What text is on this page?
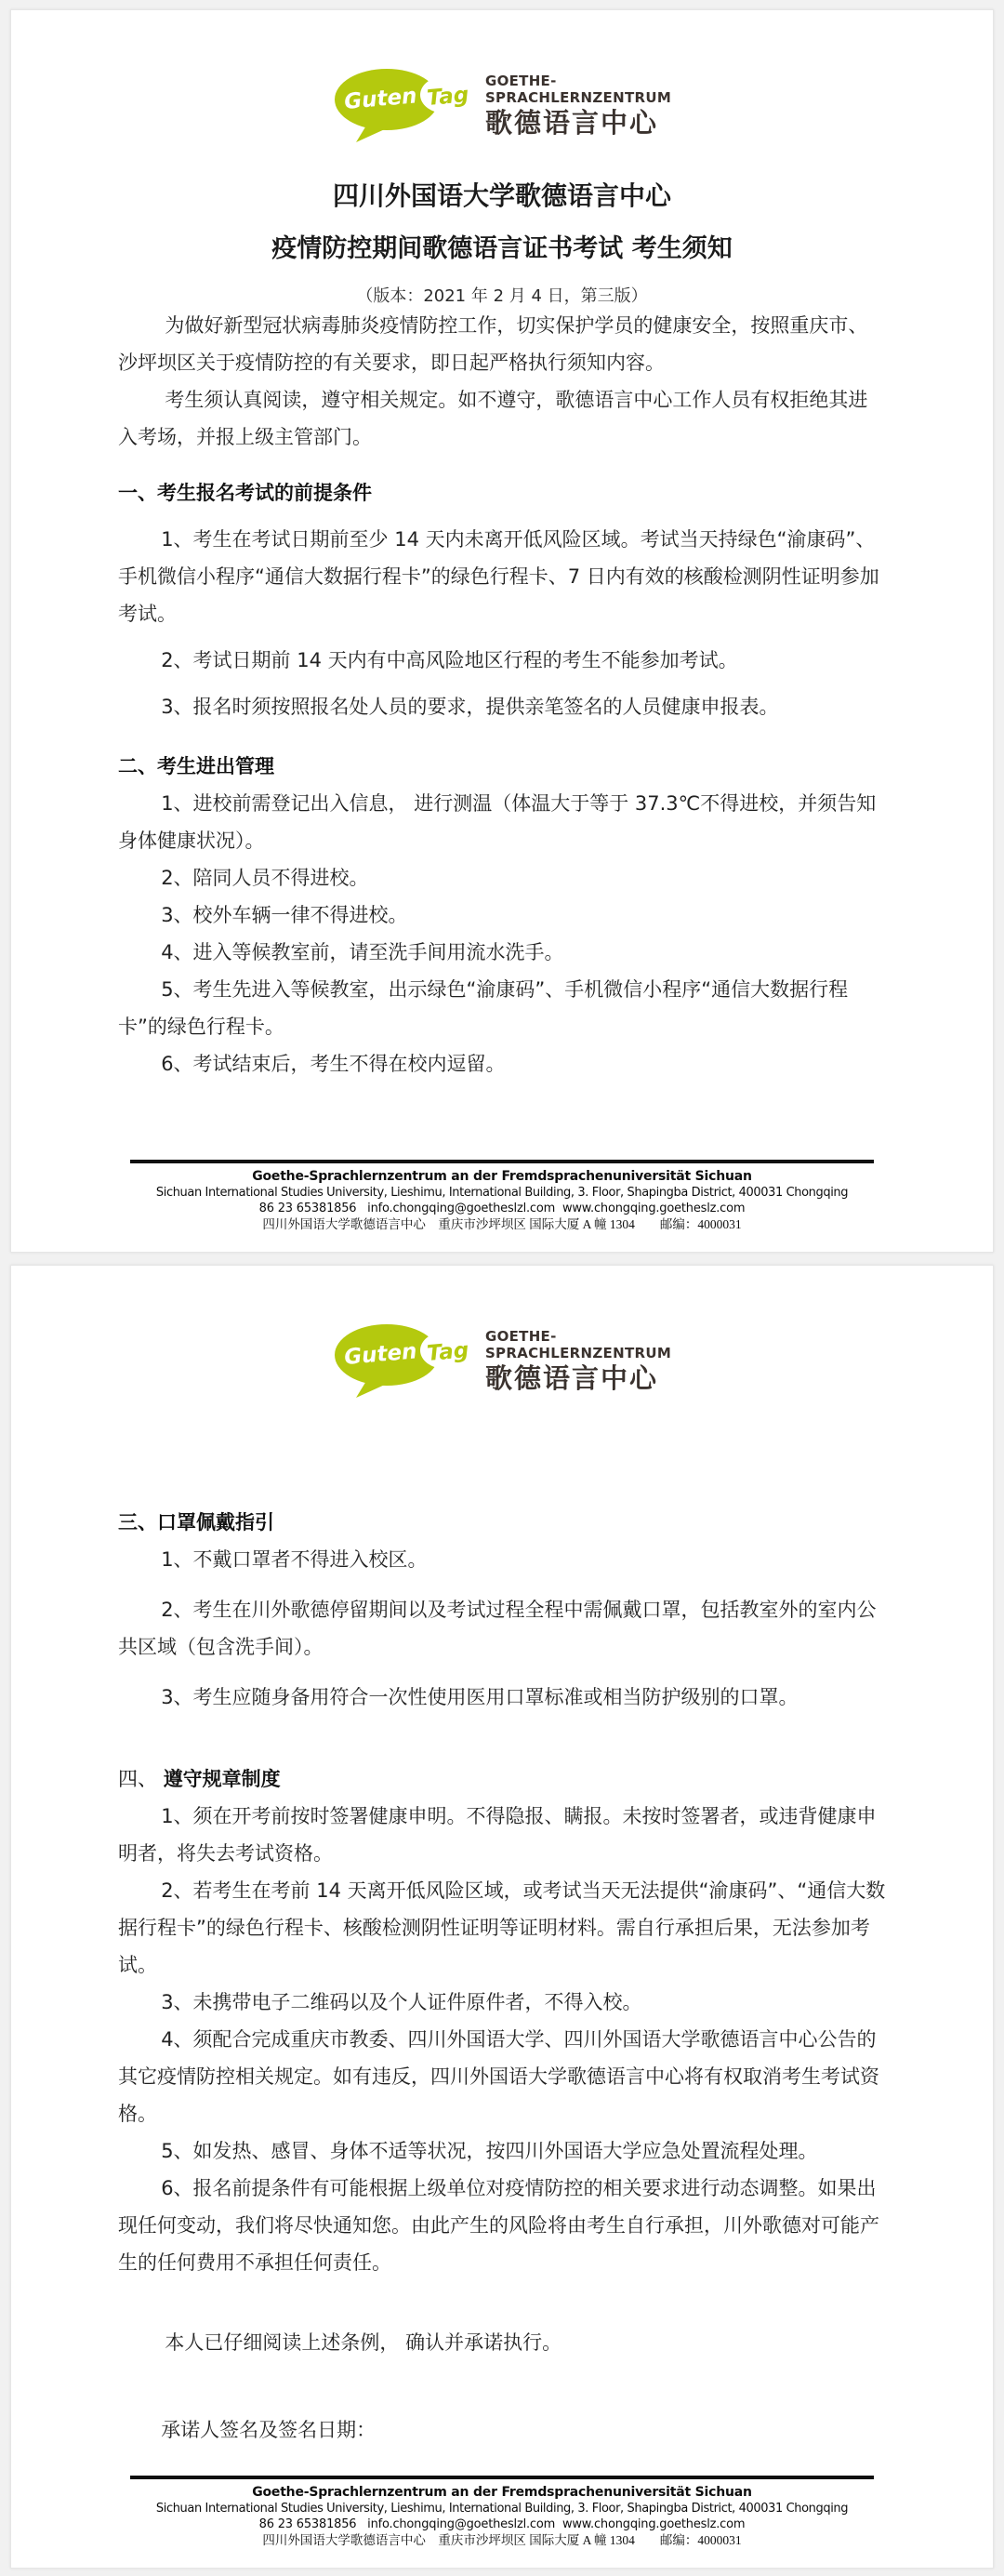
Guten Tag
GOETHE-
SPRACHLERNZENTRUM
歌德语言中心

四川外国语大学歌德语言中心

疫情防控期间歌德语言证书考试 考生须知

（版本：2021 年 2 月 4 日，第三版）

为做好新型冠状病毒肺炎疫情防控工作，切实保护学员的健康安全，按照重庆市、沙坪坝区关于疫情防控的有关要求，即日起严格执行须知内容。

考生须认真阅读，遵守相关规定。如不遵守，歌德语言中心工作人员有权拒绝其进入考场，并报上级主管部门。

一、考生报名考试的前提条件

1、考生在考试日期前至少 14 天内未离开低风险区域。考试当天持绿色“渝康码”、手机微信小程序“通信大数据行程卡”的绿色行程卡、7 日内有效的核酸检测阴性证明参加考试。

2、考试日期前 14 天内有中高风险地区行程的考生不能参加考试。

3、报名时须按照报名处人员的要求，提供亲笔签名的人员健康申报表。

二、考生进出管理

1、进校前需登记出入信息， 进行测温（体温大于等于 37.3℃不得进校，并须告知身体健康状况）。

2、陪同人员不得进校。

3、校外车辆一律不得进校。

4、进入等候教室前，请至洗手间用流水洗手。

5、考生先进入等候教室，出示绿色“渝康码”、手机微信小程序“通信大数据行程卡”的绿色行程卡。

6、考试结束后，考生不得在校内逗留。

Goethe-Sprachlernzentrum an der Fremdsprachenuniversität Sichuan
Sichuan International Studies University, Lieshimu, International Building, 3. Floor, Shapingba District, 400031 Chongqing
86 23 65381856   info.chongqing@goetheslzl.com  www.chongqing.goetheslz.com
四川外国语大学歌德语言中心　重庆市沙坪坝区 国际大厦 A 幢 1304　　邮编：4000031
Guten Tag
GOETHE-
SPRACHLERNZENTRUM
歌德语言中心

三、口罩佩戴指引

1、不戴口罩者不得进入校区。

2、考生在川外歌德停留期间以及考试过程全程中需佩戴口罩，包括教室外的室内公共区域（包含洗手间）。

3、考生应随身备用符合一次性使用医用口罩标准或相当防护级别的口罩。

四、 遵守规章制度

1、须在开考前按时签署健康申明。不得隐报、瞒报。未按时签署者，或违背健康申明者，将失去考试资格。

2、若考生在考前 14 天离开低风险区域，或考试当天无法提供“渝康码”、“通信大数据行程卡”的绿色行程卡、核酸检测阴性证明等证明材料。需自行承担后果，无法参加考试。

3、未携带电子二维码以及个人证件原件者，不得入校。

4、须配合完成重庆市教委、四川外国语大学、四川外国语大学歌德语言中心公告的其它疫情防控相关规定。如有违反，四川外国语大学歌德语言中心将有权取消考生考试资格。

5、如发热、感冒、身体不适等状况，按四川外国语大学应急处置流程处理。

6、报名前提条件有可能根据上级单位对疫情防控的相关要求进行动态调整。如果出现任何变动，我们将尽快通知您。由此产生的风险将由考生自行承担，川外歌德对可能产生的任何费用不承担任何责任。

本人已仔细阅读上述条例， 确认并承诺执行。

承诺人签名及签名日期：

Goethe-Sprachlernzentrum an der Fremdsprachenuniversität Sichuan
Sichuan International Studies University, Lieshimu, International Building, 3. Floor, Shapingba District, 400031 Chongqing
86 23 65381856   info.chongqing@goetheslzl.com  www.chongqing.goetheslz.com
四川外国语大学歌德语言中心　重庆市沙坪坝区 国际大厦 A 幢 1304　　邮编：4000031
